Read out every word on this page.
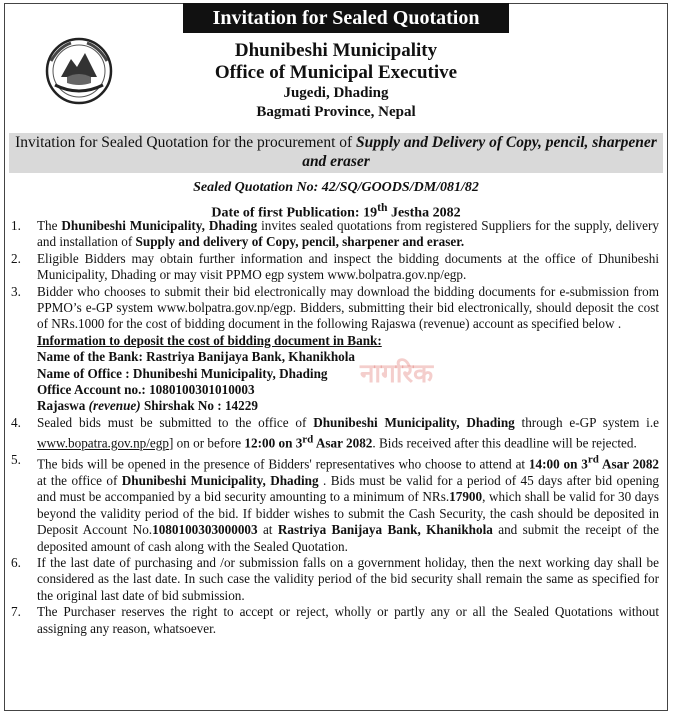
Invitation for Sealed Quotation
Dhunibeshi Municipality
Office of Municipal Executive
Jugedi, Dhading
Bagmati Province, Nepal
Invitation for Sealed Quotation for the procurement of Supply and Delivery of Copy, pencil, sharpener and eraser
Sealed Quotation No: 42/SQ/GOODS/DM/081/82
Date of first Publication: 19th Jestha 2082
नागरिक
1. The Dhunibeshi Municipality, Dhading invites sealed quotations from registered Suppliers for the supply, delivery and installation of Supply and delivery of Copy, pencil, sharpener and eraser.
2. Eligible Bidders may obtain further information and inspect the bidding documents at the office of Dhunibeshi Municipality, Dhading or may visit PPMO egp system www.bolpatra.gov.np/egp.
3. Bidder who chooses to submit their bid electronically may download the bidding documents for e-submission from PPMO’s e-GP system www.bolpatra.gov.np/egp. Bidders, submitting their bid electronically, should deposit the cost of NRs.1000 for the cost of bidding document in the following Rajaswa (revenue) account as specified below .
Information to deposit the cost of bidding document in Bank:
Name of the Bank: Rastriya Banijaya Bank, Khanikhola
Name of Office : Dhunibeshi Municipality, Dhading
Office Account no.: 1080100301010003
Rajaswa (revenue) Shirshak No : 14229
4. Sealed bids must be submitted to the office of Dhunibeshi Municipality, Dhading through e-GP system i.e www.bopatra.gov.np/egp] on or before 12:00 on 3rd Asar 2082. Bids received after this deadline will be rejected.
5. The bids will be opened in the presence of Bidders' representatives who choose to attend at 14:00 on 3rd Asar 2082 at the office of Dhunibeshi Municipality, Dhading . Bids must be valid for a period of 45 days after bid opening and must be accompanied by a bid security amounting to a minimum of NRs.17900, which shall be valid for 30 days beyond the validity period of the bid. If bidder wishes to submit the Cash Security, the cash should be deposited in Deposit Account No.1080100303000003 at Rastriya Banijaya Bank, Khanikhola and submit the receipt of the deposited amount of cash along with the Sealed Quotation.
6. If the last date of purchasing and /or submission falls on a government holiday, then the next working day shall be considered as the last date. In such case the validity period of the bid security shall remain the same as specified for the original last date of bid submission.
7. The Purchaser reserves the right to accept or reject, wholly or partly any or all the Sealed Quotations without assigning any reason, whatsoever.
